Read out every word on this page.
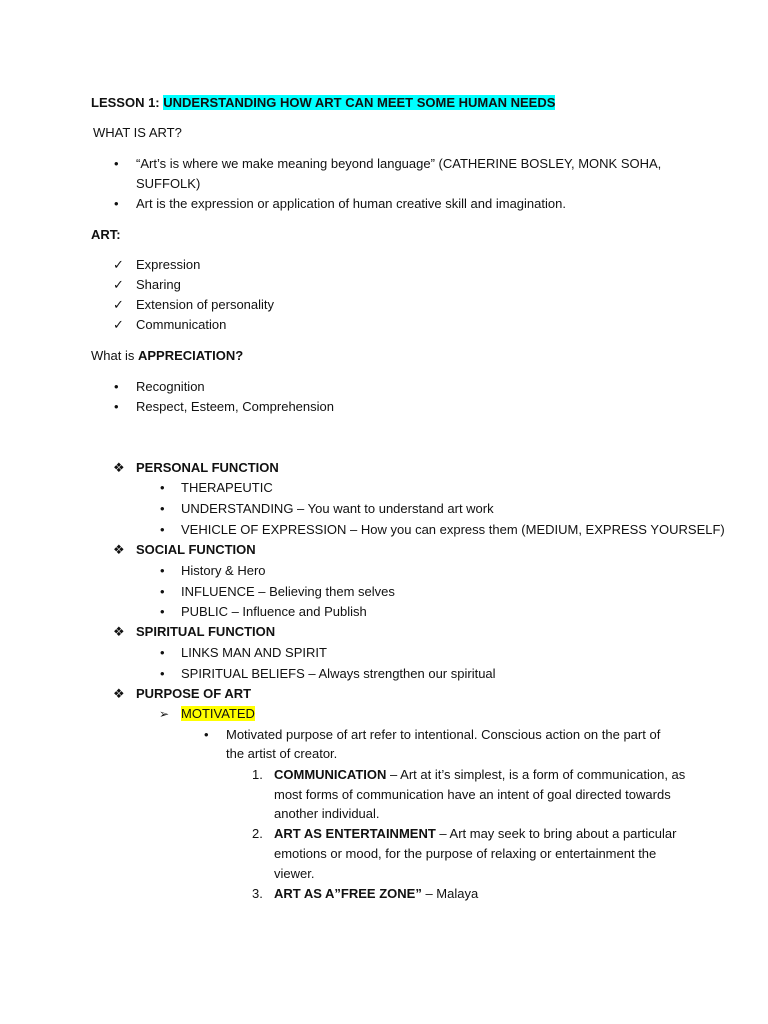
LESSON 1: UNDERSTANDING HOW ART CAN MEET SOME HUMAN NEEDS
WHAT IS ART?
• “Art’s is where we make meaning beyond language” (CATHERINE BOSLEY, MONK SOHA,
SUFFOLK)
• Art is the expression or application of human creative skill and imagination.
ART:
✓ Expression
✓ Sharing
✓ Extension of personality
✓ Communication
What is APPRECIATION?
• Recognition
• Respect, Esteem, Comprehension
❖ PERSONAL FUNCTION
• THERAPEUTIC
• UNDERSTANDING – You want to understand art work
• VEHICLE OF EXPRESSION – How you can express them (MEDIUM, EXPRESS YOURSELF)
❖ SOCIAL FUNCTION
• History & Hero
• INFLUENCE – Believing them selves
• PUBLIC – Influence and Publish
❖ SPIRITUAL FUNCTION
• LINKS MAN AND SPIRIT
• SPIRITUAL BELIEFS – Always strengthen our spiritual
❖ PURPOSE OF ART
➢ MOTIVATED
• Motivated purpose of art refer to intentional. Conscious action on the part of
the artist of creator.
1. COMMUNICATION – Art at it’s simplest, is a form of communication, as
most forms of communication have an intent of goal directed towards
another individual.
2. ART AS ENTERTAINMENT – Art may seek to bring about a particular
emotions or mood, for the purpose of relaxing or entertainment the
viewer.
3. ART AS A”FREE ZONE” – Malaya
